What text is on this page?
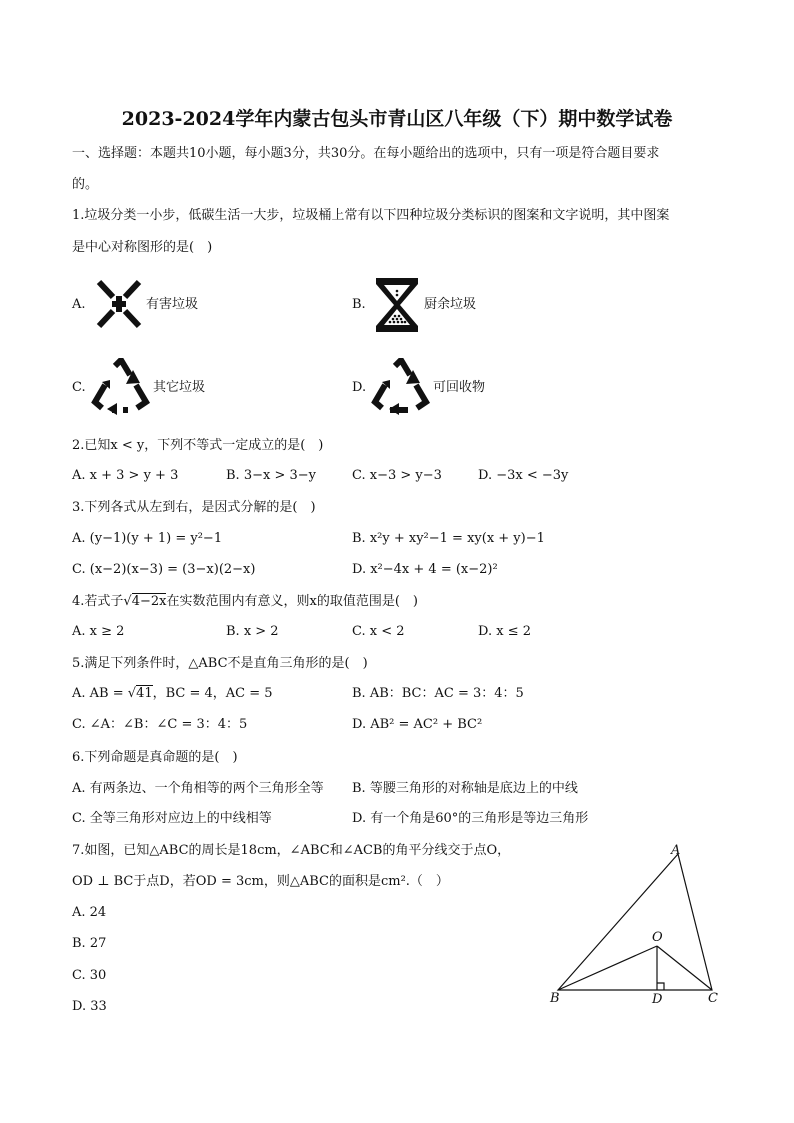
2023-2024学年内蒙古包头市青山区八年级（下）期中数学试卷
一、选择题：本题共10小题，每小题3分，共30分。在每小题给出的选项中，只有一项是符合题目要求
的。
1.垃圾分类一小步，低碳生活一大步，垃圾桶上常有以下四种垃圾分类标识的图案和文字说明，其中图案
是中心对称图形的是(　)
A.	有害垃圾	B.	厨余垃圾
C.	其它垃圾	D.	可回收物
2.已知x < y，下列不等式一定成立的是(　)
A. x + 3 > y + 3	B. 3−x > 3−y	C. x−3 > y−3	D. −3x < −3y
3.下列各式从左到右，是因式分解的是(　)
A. (y−1)(y + 1) = y²−1	B. x²y + xy²−1 = xy(x + y)−1
C. (x−2)(x−3) = (3−x)(2−x)	D. x²−4x + 4 = (x−2)²
4.若式子√4−2x在实数范围内有意义，则x的取值范围是(　)
A. x ≥ 2	B. x > 2	C. x < 2	D. x ≤ 2
5.满足下列条件时，△ABC不是直角三角形的是(　)
A. AB = √41，BC = 4，AC = 5	B. AB：BC：AC = 3：4：5
C. ∠A：∠B：∠C = 3：4：5	D. AB² = AC² + BC²
6.下列命题是真命题的是(　)
A. 有两条边、一个角相等的两个三角形全等 B. 等腰三角形的对称轴是底边上的中线
C. 全等三角形对应边上的中线相等	D. 有一个角是60°的三角形是等边三角形
7.如图，已知△ABC的周长是18cm，∠ABC和∠ACB的角平分线交于点O，
OD ⊥ BC于点D，若OD = 3cm，则△ABC的面积是cm².（　）
A. 24
B. 27
C. 30
D. 33
A
B	C
O
D
